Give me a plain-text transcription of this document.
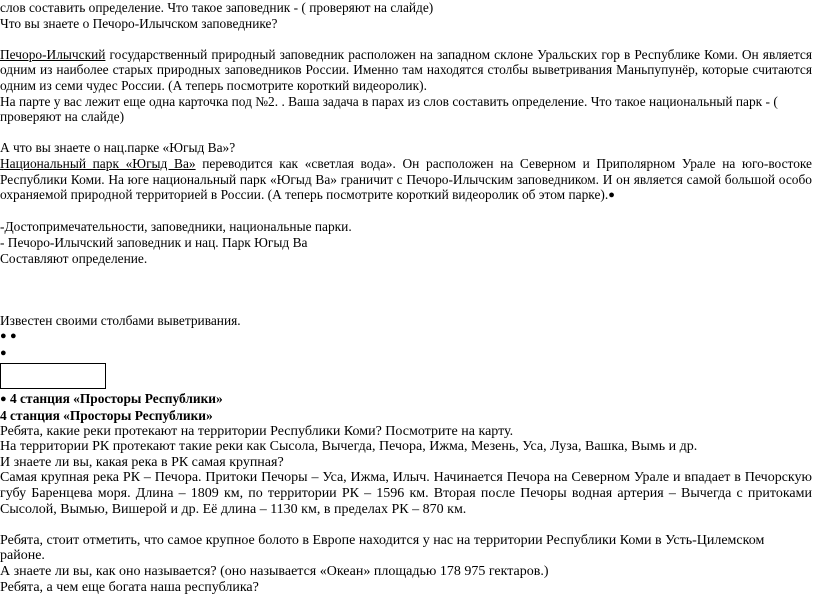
слов составить определение. Что такое заповедник - ( проверяют на слайде)

Что вы знаете о Печоро-Илычском заповеднике?

Печоро-Илычский государственный природный заповедник расположен на западном склоне Уральских гор в Республике Коми. Он является одним из наиболее старых природных заповедников России. Именно там находятся столбы выветривания Маньпупунёр, которые считаются одним из семи чудес России. (А теперь посмотрите короткий видеоролик).

На парте у вас лежит еще одна карточка под №2. . Ваша задача в парах из слов составить определение. Что такое национальный парк - ( проверяют на слайде)

А что вы знаете о нац.парке «Югыд Ва»?

Национальный парк «Югыд Ва» переводится как «светлая вода». Он расположен на Северном и Приполярном Урале на юго-востоке Республики Коми. На юге национальный парк «Югыд Ва» граничит с Печоро-Илычским заповедником. И он является самой большой особо охраняемой природной территорией в России. (А теперь посмотрите короткий видеоролик об этом парке).●

-Достопримечательности, заповедники, национальные парки.

- Печоро-Илычский заповедник и нац. Парк Югыд Ва

Составляют определение.

Известен своими столбами выветривания.

● ●

●

● 4 станция «Просторы Республики»

4 станция «Просторы Республики»

Ребята, какие реки протекают на территории Республики Коми? Посмотрите на карту.

На территории РК протекают такие реки как Сысола, Вычегда, Печора, Ижма, Мезень, Уса, Луза, Вашка, Вымь и др.

И знаете ли вы, какая река в РК самая крупная?

Самая крупная река РК – Печора. Притоки Печоры – Уса, Ижма, Илыч. Начинается Печора на Северном Урале и впадает в Печорскую губу Баренцева моря. Длина – 1809 км, по территории РК – 1596 км. Вторая после Печоры водная артерия – Вычегда с притоками Сысолой, Вымью, Вишерой и др. Её длина – 1130 км, в пределах РК – 870 км.

Ребята, стоит отметить, что самое крупное болото в Европе находится у нас на территории Республики Коми в Усть-Цилемском районе.

А знаете ли вы, как оно называется? (оно называется «Океан» площадью 178 975 гектаров.)

Ребята, а чем еще богата наша республика?
